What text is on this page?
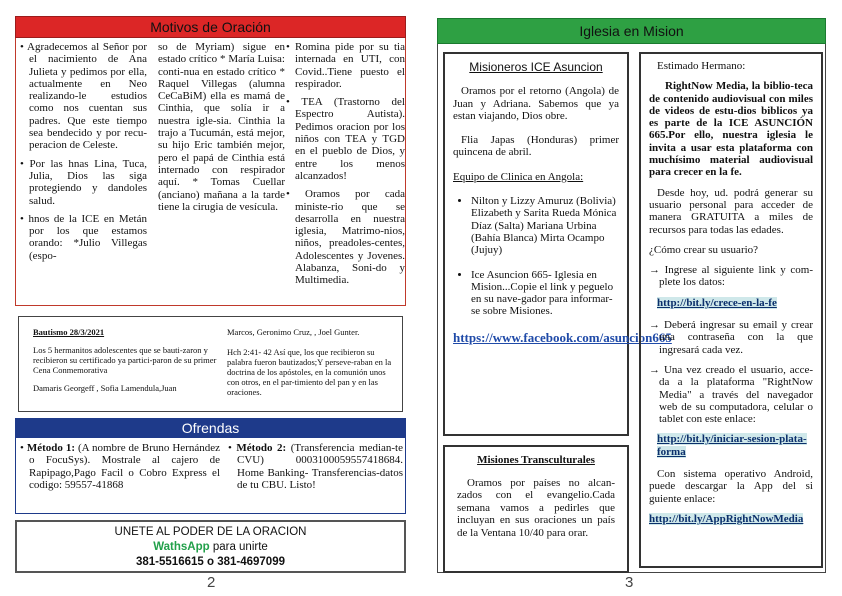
Motivos de Oración

• Agradecemos al Señor por el nacimiento de Ana Julieta y pedimos por ella, actualmente en Neo realizando-le estudios como nos cuentan sus padres. Que este tiempo sea bendecido y por recu-peracion de Celeste.

• Por las hnas Lina, Tuca, Julia, Dios las siga protegiendo y dandoles salud.

• hnos de la ICE en Metán por los que estamos orando: *Julio Villegas (espo-

so de Myriam) sigue en estado crítico * María Luisa: conti-nua en estado crítico * Raquel Villegas (alumna CeCaBiM) ella es mamá de Cinthia, que solía ir a nuestra igle-sia. Cinthia la trajo a Tucumán, está mejor, su hijo Eric también mejor, pero el papá de Cinthia está internado con respirador aquí. * Tomas Cuellar (anciano) mañana a la tarde tiene la cirugia de vesícula.

• Romina pide por su tia internada en UTI, con Covid..Tiene puesto el respirador.

• TEA (Trastorno del Espectro Autista). Pedimos oracion por los niños con TEA y TGD en el pueblo de Dios, y entre los menos alcanzados!

• Oramos por cada ministe-rio que se desarrolla en nuestra iglesia, Matrimo-nios, niños, preadoles-centes, Adolescentes y Jovenes. Alabanza, Soni-do y Multimedia.

Bautismo 28/3/2021
Los 5 hermanitos adolescentes que se bauti-zaron y recibieron su certificado ya partici-paron de su primer Cena Conmemorativa
Damaris Georgeff , Sofia Lamendula,Juan
Marcos, Geronimo Cruz, , Joel Gunter.
Hch 2:41- 42 Así que, los que recibieron su palabra fueron bautizados;Y persevе-raban en la doctrina de los apóstoles, en la comunión unos con otros, en el par-timiento del pan y en las oraciones.
Ofrendas
• Método 1: (A nombre de Bruno Hernández o FocuSys). Mostrale al cajero de Rapipago,Pago Facil o Cobro Express el codigo: 59557-41868
• Método 2: (Transferencia median-te CVU) 0003100059557418684. Home Banking- Transferencias-datos de tu CBU. Listo!
UNETE AL PODER DE LA ORACION
WathsApp para unirte
381-5516615 o 381-4697099
2
Iglesia en Mision
Misioneros ICE Asuncion

Oramos por el retorno (Angola) de Juan y Adriana. Sabemos que ya estan viajando, Dios obre.

Flia Japas (Honduras) primer quincena de abril.

Equipo de Clinica en Angola:

• Nilton y Lizzy Amuruz (Bolivia) Elizabeth y Sarita Rueda Mónica Díaz (Salta) Mariana Urbina (Bahía Blanca) Mirta Ocampo (Jujuy)
• Ice Asuncion 665- Iglesia en Mision...Copie el link y peguelo en su nave-gador para informar-se sobre Misiones.
https://www.facebook.com/asuncion665
Misiones Transculturales
Oramos por países no alcan-zados con el evangelio.Cada semana vamos a pedirles que incluyan en sus oraciones un país de la Ventana 10/40 para orar.

Estimado Hermano:

RightNow Media, la biblio-teca de contenido audiovisual con miles de videos de estu-dios biblicos ya es parte de la ICE ASUNCIÓN 665.Por ello, nuestra iglesia le invita a usar esta plataforma con muchísimo material audiovisual para crecer en la fe.

Desde hoy, ud. podrá generar su usuario personal para acceder de manera GRATUITA a miles de recursos para todas las edades.

¿Cómo crear su usuario?

→ Ingrese al siguiente link y com-plete los datos:

http://bit.ly/crece-en-la-fe

→ Deberá ingresar su email y crear una contraseña con la que ingresará cada vez.

→ Una vez creado el usuario, acce-da a la plataforma "RightNow Media" a través del navegador web de su computadora, celular o tablet con este enlace:

http://bit.ly/iniciar-sesion-plata-forma

Con sistema operativo Android, puede descargar la App del si guiente enlace:

http://bit.ly/AppRightNowMedia
3
